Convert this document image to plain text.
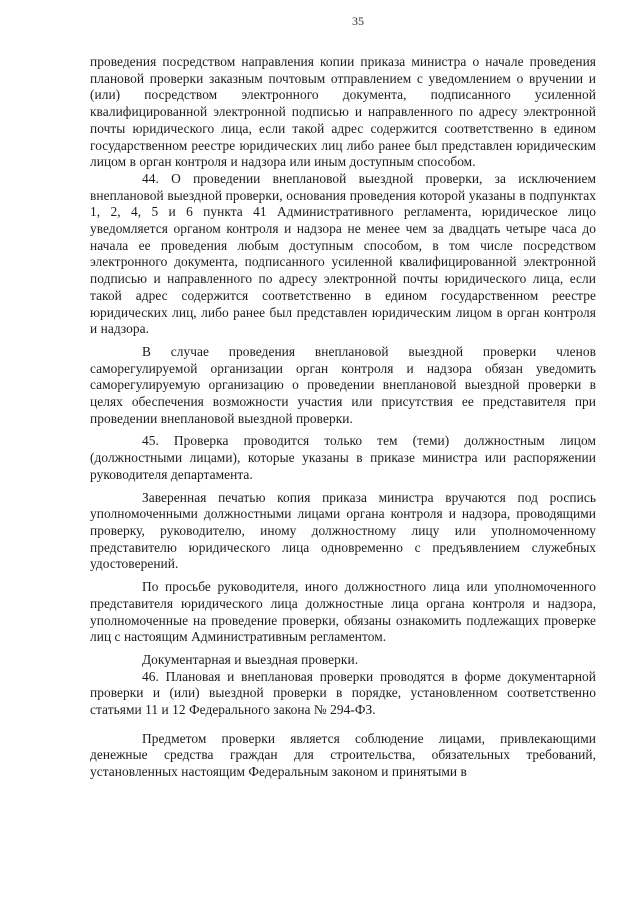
35

проведения посредством направления копии приказа министра о начале проведения плановой проверки заказным почтовым отправлением с уведомлением о вручении и (или) посредством электронного документа, подписанного усиленной квалифицированной электронной подписью и направленного по адресу электронной почты юридического лица, если такой адрес содержится соответственно в едином государственном реестре юридических лиц либо ранее был представлен юридическим лицом в орган контроля и надзора или иным доступным способом.

44. О проведении внеплановой выездной проверки, за исключением внеплановой выездной проверки, основания проведения которой указаны в подпунктах 1, 2, 4, 5 и 6 пункта 41 Административного регламента, юридическое лицо уведомляется органом контроля и надзора не менее чем за двадцать четыре часа до начала ее проведения любым доступным способом, в том числе посредством электронного документа, подписанного усиленной квалифицированной электронной подписью и направленного по адресу электронной почты юридического лица, если такой адрес содержится соответственно в едином государственном реестре юридических лиц, либо ранее был представлен юридическим лицом в орган контроля и надзора.

В случае проведения внеплановой выездной проверки членов саморегулируемой организации орган контроля и надзора обязан уведомить саморегулируемую организацию о проведении внеплановой выездной проверки в целях обеспечения возможности участия или присутствия ее представителя при проведении внеплановой выездной проверки.

45. Проверка проводится только тем (теми) должностным лицом (должностными лицами), которые указаны в приказе министра или распоряжении руководителя департамента.

Заверенная печатью копия приказа министра вручаются под роспись уполномоченными должностными лицами органа контроля и надзора, проводящими проверку, руководителю, иному должностному лицу или уполномоченному представителю юридического лица одновременно с предъявлением служебных удостоверений.

По просьбе руководителя, иного должностного лица или уполномоченного представителя юридического лица должностные лица органа контроля и надзора, уполномоченные на проведение проверки, обязаны ознакомить подлежащих проверке лиц с настоящим Административным регламентом.

Документарная и выездная проверки.

46. Плановая и внеплановая проверки проводятся в форме документарной проверки и (или) выездной проверки в порядке, установленном соответственно статьями 11 и 12 Федерального закона № 294-ФЗ.

Предметом проверки является соблюдение лицами, привлекающими денежные средства граждан для строительства, обязательных требований, установленных настоящим Федеральным законом и принятыми в
